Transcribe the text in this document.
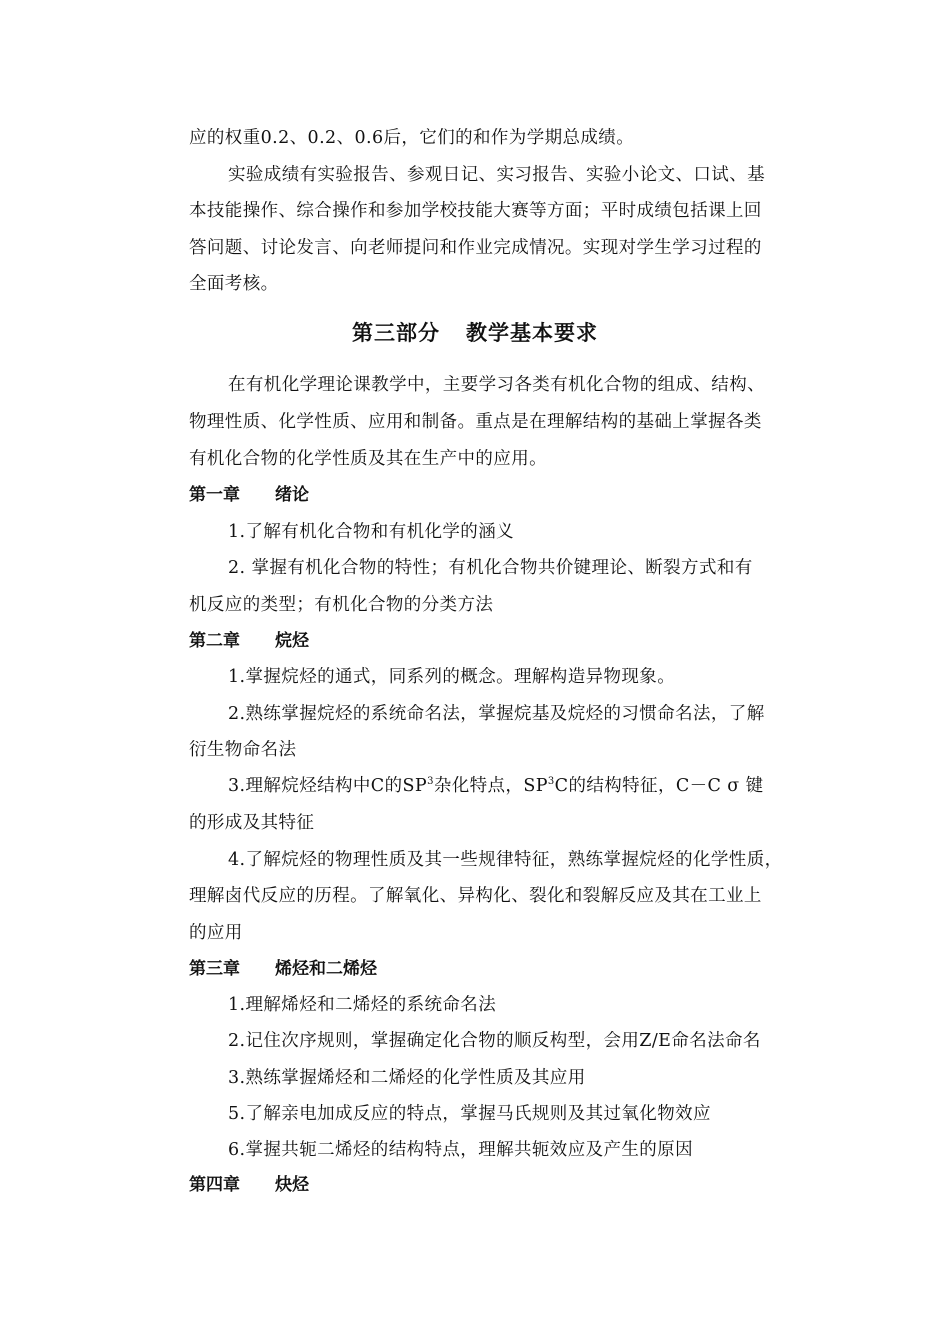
应的权重0.2、0.2、0.6后，它们的和作为学期总成绩。
实验成绩有实验报告、参观日记、实习报告、实验小论文、口试、基
本技能操作、综合操作和参加学校技能大赛等方面；平时成绩包括课上回
答问题、讨论发言、向老师提问和作业完成情况。实现对学生学习过程的
全面考核。
第三部分 教学基本要求
在有机化学理论课教学中，主要学习各类有机化合物的组成、结构、
物理性质、化学性质、应用和制备。重点是在理解结构的基础上掌握各类
有机化合物的化学性质及其在生产中的应用。
第一章 绪论
1.了解有机化合物和有机化学的涵义
2. 掌握有机化合物的特性；有机化合物共价键理论、断裂方式和有
机反应的类型；有机化合物的分类方法
第二章 烷烃
1.掌握烷烃的通式，同系列的概念。理解构造异物现象。
2.熟练掌握烷烃的系统命名法，掌握烷基及烷烃的习惯命名法，了解
衍生物命名法
3.理解烷烃结构中C的$SP^3$杂化特点，$SP^3C$的结构特征，C－C σ 键
的形成及其特征
4.了解烷烃的物理性质及其一些规律特征，熟练掌握烷烃的化学性质，
理解卤代反应的历程。了解氧化、异构化、裂化和裂解反应及其在工业上
的应用
第三章 烯烃和二烯烃
1.理解烯烃和二烯烃的系统命名法
2.记住次序规则，掌握确定化合物的顺反构型，会用Z/E命名法命名
3.熟练掌握烯烃和二烯烃的化学性质及其应用
5.了解亲电加成反应的特点，掌握马氏规则及其过氧化物效应
6.掌握共轭二烯烃的结构特点，理解共轭效应及产生的原因
第四章 炔烃
